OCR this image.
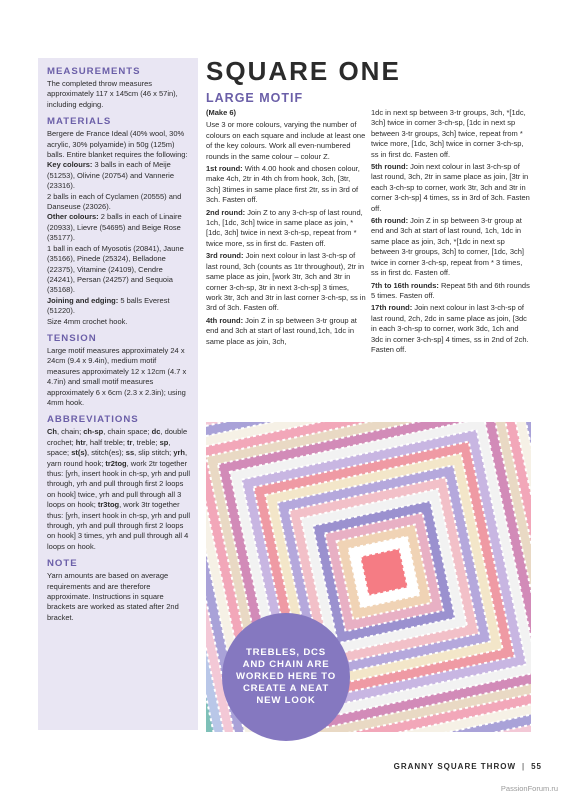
MEASUREMENTS

The completed throw measures approximately 117 x 145cm (46 x 57in), including edging.

MATERIALS

Bergere de France Ideal (40% wool, 30% acrylic, 30% polyamide) in 50g (125m) balls. Entire blanket requires the following:

Key colours: 3 balls in each of Meije (51253), Olivine (20754) and Vannerie (23316).

2 balls in each of Cyclamen (20555) and Danseuse (23026).

Other colours: 2 balls in each of Linaire (20933), Lievre (54695) and Beige Rose (35177).

1 ball in each of Myosotis (20841), Jaune (35166), Pinede (25324), Belladone (22375), Vitamine (24109), Cendre (24241), Persan (24257) and Sequoia (35168).

Joining and edging: 5 balls Everest (51220).

Size 4mm crochet hook.

TENSION

Large motif measures approximately 24 x 24cm (9.4 x 9.4in), medium motif measures approximately 12 x 12cm (4.7 x 4.7in) and small motif measures approximately 6 x 6cm (2.3 x 2.3in); using 4mm hook.

ABBREVIATIONS

Ch, chain; ch-sp, chain space; dc, double crochet; htr, half treble; tr, treble; sp, space; st(s), stitch(es); ss, slip stitch; yrh, yarn round hook; tr2tog, work 2tr together thus: [yrh, insert hook in ch-sp, yrh and pull through, yrh and pull through first 2 loops on hook] twice, yrh and pull through all 3 loops on hook; tr3tog, work 3tr together thus: [yrh, insert hook in ch-sp, yrh and pull through, yrh and pull through first 2 loops on hook] 3 times, yrh and pull through all 4 loops on hook.

NOTE

Yarn amounts are based on average requirements and are therefore approximate. Instructions in square brackets are worked as stated after 2nd bracket.

SQUARE ONE
LARGE MOTIF

(Make 6)

Use 3 or more colours, varying the number of colours on each square and include at least one of the key colours. Work all even-numbered rounds in the same colour – colour Z.

1st round: With 4.00 hook and chosen colour, make 4ch, 2tr in 4th ch from hook, 3ch, [3tr, 3ch] 3times in same place first 2tr, ss in 3rd of 3ch. Fasten off.

2nd round: Join Z to any 3-ch-sp of last round, 1ch, [1dc, 3ch] twice in same place as join, *[1dc, 3ch] twice in next 3-ch-sp, repeat from * twice more, ss in first dc. Fasten off.

3rd round: Join next colour in last 3-ch-sp of last round, 3ch (counts as 1tr throughout), 2tr in same place as join, [work 3tr, 3ch and 3tr in corner 3-ch-sp, 3tr in next 3-ch-sp] 3 times, work 3tr, 3ch and 3tr in last corner 3-ch-sp, ss in 3rd of 3ch. Fasten off.

4th round: Join Z in sp between 3-tr group at end and 3ch at start of last round,1ch, 1dc in same place as join, 3ch,

1dc in next sp between 3-tr groups, 3ch, *[1dc, 3ch] twice in corner 3-ch-sp, [1dc in next sp between 3-tr groups, 3ch] twice, repeat from * twice more, [1dc, 3ch] twice in corner 3-ch-sp, ss in first dc. Fasten off.

5th round: Join next colour in last 3-ch-sp of last round, 3ch, 2tr in same place as join, [3tr in each 3-ch-sp to corner, work 3tr, 3ch and 3tr in corner 3-ch-sp] 4 times, ss in 3rd of 3ch. Fasten off.

6th round: Join Z in sp between 3-tr group at end and 3ch at start of last round, 1ch, 1dc in same place as join, 3ch, *[1dc in next sp between 3-tr groups, 3ch] to corner, [1dc, 3ch] twice in corner 3-ch-sp, repeat from * 3 times, ss in first dc. Fasten off.

7th to 16th rounds: Repeat 5th and 6th rounds 5 times. Fasten off.

17th round: Join next colour in last 3-ch-sp of last round, 2ch, 2dc in same place as join, [3dc in each 3-ch-sp to corner, work 3dc, 1ch and 3dc in corner 3-ch-sp] 4 times, ss in 2nd of 2ch. Fasten off.

TREBLES, DCS AND CHAIN ARE WORKED HERE TO CREATE A NEAT NEW LOOK
GRANNY SQUARE THROW | 55
PassionForum.ru
